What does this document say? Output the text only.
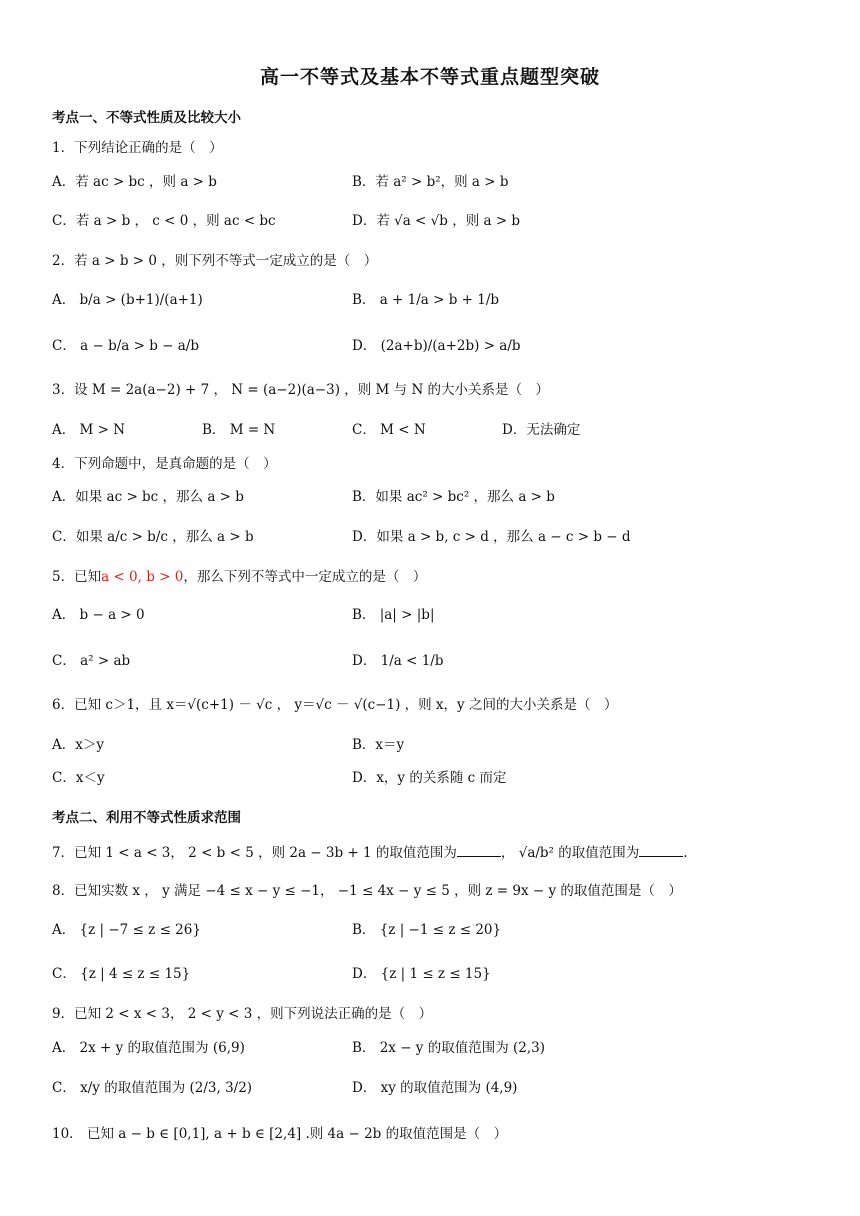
高一不等式及基本不等式重点题型突破
考点一、不等式性质及比较大小
1．下列结论正确的是（　）
A．若 ac > bc ，则 a > b	B．若 a² > b²，则 a > b
C．若 a > b ， c < 0 ，则 ac < bc	D．若 √a < √b ，则 a > b
2．若 a > b > 0 ，则下列不等式一定成立的是（　）
A． b/a > (b+1)/(a+1)	B． a + 1/a > b + 1/b
C． a − b/a > b − a/b	D． (2a+b)/(a+2b) > a/b
3．设 M = 2a(a−2) + 7 ， N = (a−2)(a−3) ，则 M 与 N 的大小关系是（　）
A． M > N	B． M = N	C． M < N	D．无法确定
4．下列命题中，是真命题的是（　）
A．如果 ac > bc ，那么 a > b	B．如果 ac² > bc² ，那么 a > b
C．如果 a/c > b/c ，那么 a > b	D．如果 a > b, c > d ，那么 a − c > b − d
5．已知a < 0, b > 0，那么下列不等式中一定成立的是（　）
A． b − a > 0	B． |a| > |b|
C． a² > ab	D． 1/a < 1/b
6．已知 c＞1，且 x＝√(c+1) － √c ， y＝√c － √(c−1) ，则 x，y 之间的大小关系是（　）
A．x＞y	B．x＝y
C．x＜y	D．x，y 的关系随 c 而定
考点二、利用不等式性质求范围
7．已知 1 < a < 3， 2 < b < 5 ，则 2a − 3b + 1 的取值范围为	， √a/b² 的取值范围为	.
8．已知实数 x ， y 满足 −4 ≤ x − y ≤ −1， −1 ≤ 4x − y ≤ 5 ，则 z = 9x − y 的取值范围是（　）
A． {z | −7 ≤ z ≤ 26}	B． {z | −1 ≤ z ≤ 20}
C． {z | 4 ≤ z ≤ 15}	D． {z | 1 ≤ z ≤ 15}
9．已知 2 < x < 3， 2 < y < 3 ，则下列说法正确的是（　）
A． 2x + y 的取值范围为 (6,9)	B． 2x − y 的取值范围为 (2,3)
C． x/y 的取值范围为 (2/3, 3/2)	D． xy 的取值范围为 (4,9)
10． 已知 a − b ∈ [0,1], a + b ∈ [2,4] .则 4a − 2b 的取值范围是（　）
